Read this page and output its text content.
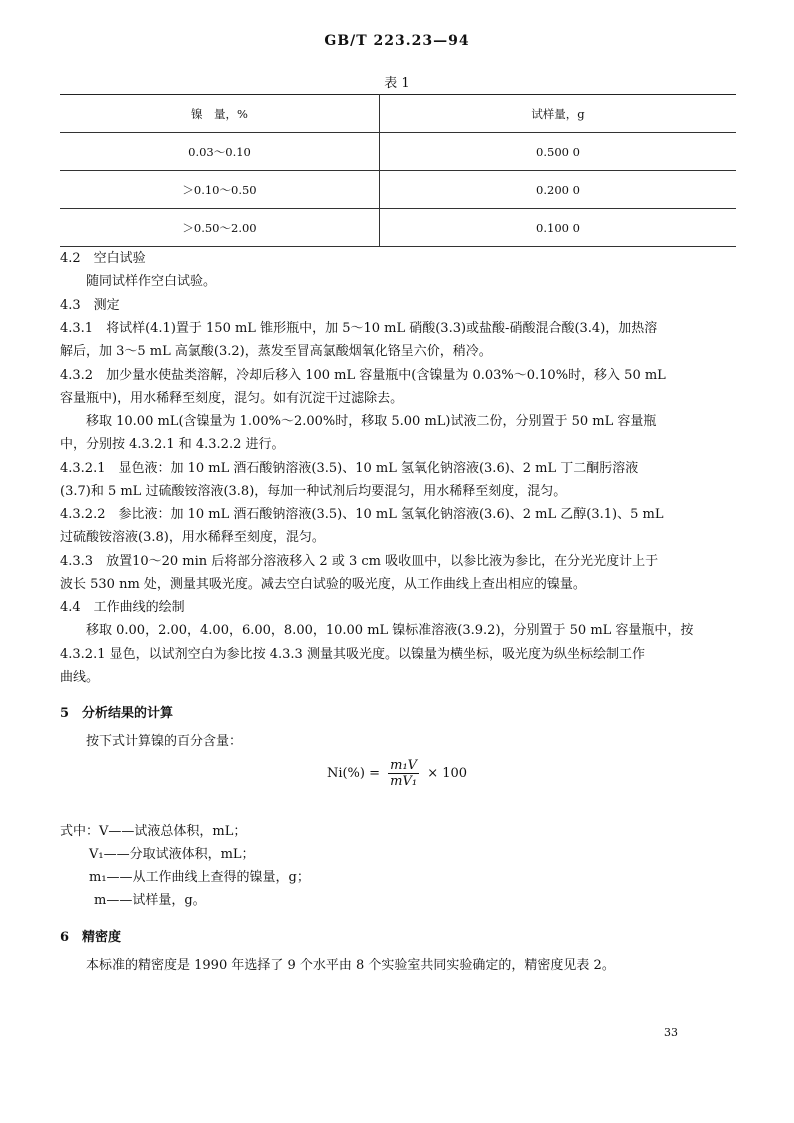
GB/T 223.23—94
表 1
镍　量，%	试样量，g
0.03～0.10	0.500 0
＞0.10～0.50	0.200 0
＞0.50～2.00	0.100 0
4.2　空白试验
随同试样作空白试验。
4.3　测定
4.3.1　将试样(4.1)置于 150 mL 锥形瓶中，加 5～10 mL 硝酸(3.3)或盐酸-硝酸混合酸(3.4)，加热溶
解后，加 3～5 mL 高氯酸(3.2)，蒸发至冒高氯酸烟氧化铬呈六价，稍冷。
4.3.2　加少量水使盐类溶解，冷却后移入 100 mL 容量瓶中(含镍量为 0.03%～0.10%时，移入 50 mL
容量瓶中)，用水稀释至刻度，混匀。如有沉淀干过滤除去。
移取 10.00 mL(含镍量为 1.00%～2.00%时，移取 5.00 mL)试液二份，分别置于 50 mL 容量瓶
中，分别按 4.3.2.1 和 4.3.2.2 进行。
4.3.2.1　显色液：加 10 mL 酒石酸钠溶液(3.5)、10 mL 氢氧化钠溶液(3.6)、2 mL 丁二酮肟溶液
(3.7)和 5 mL 过硫酸铵溶液(3.8)，每加一种试剂后均要混匀，用水稀释至刻度，混匀。
4.3.2.2　参比液：加 10 mL 酒石酸钠溶液(3.5)、10 mL 氢氧化钠溶液(3.6)、2 mL 乙醇(3.1)、5 mL
过硫酸铵溶液(3.8)，用水稀释至刻度，混匀。
4.3.3　放置10～20 min 后将部分溶液移入 2 或 3 cm 吸收皿中，以参比液为参比，在分光光度计上于
波长 530 nm 处，测量其吸光度。减去空白试验的吸光度，从工作曲线上查出相应的镍量。
4.4　工作曲线的绘制
移取 0.00，2.00，4.00，6.00，8.00，10.00 mL 镍标准溶液(3.9.2)，分别置于 50 mL 容量瓶中，按
4.3.2.1 显色，以试剂空白为参比按 4.3.3 测量其吸光度。以镍量为横坐标，吸光度为纵坐标绘制工作
曲线。
5　分析结果的计算
按下式计算镍的百分含量：
$Ni(\%) = \frac{\text{m₁V}}{\text{mV₁}} \times 100$
式中：V——试液总体积，mL；
V₁——分取试液体积，mL；
m₁——从工作曲线上查得的镍量，g；
m——试样量，g。
6　精密度
本标准的精密度是 1990 年选择了 9 个水平由 8 个实验室共同实验确定的，精密度见表 2。
33
